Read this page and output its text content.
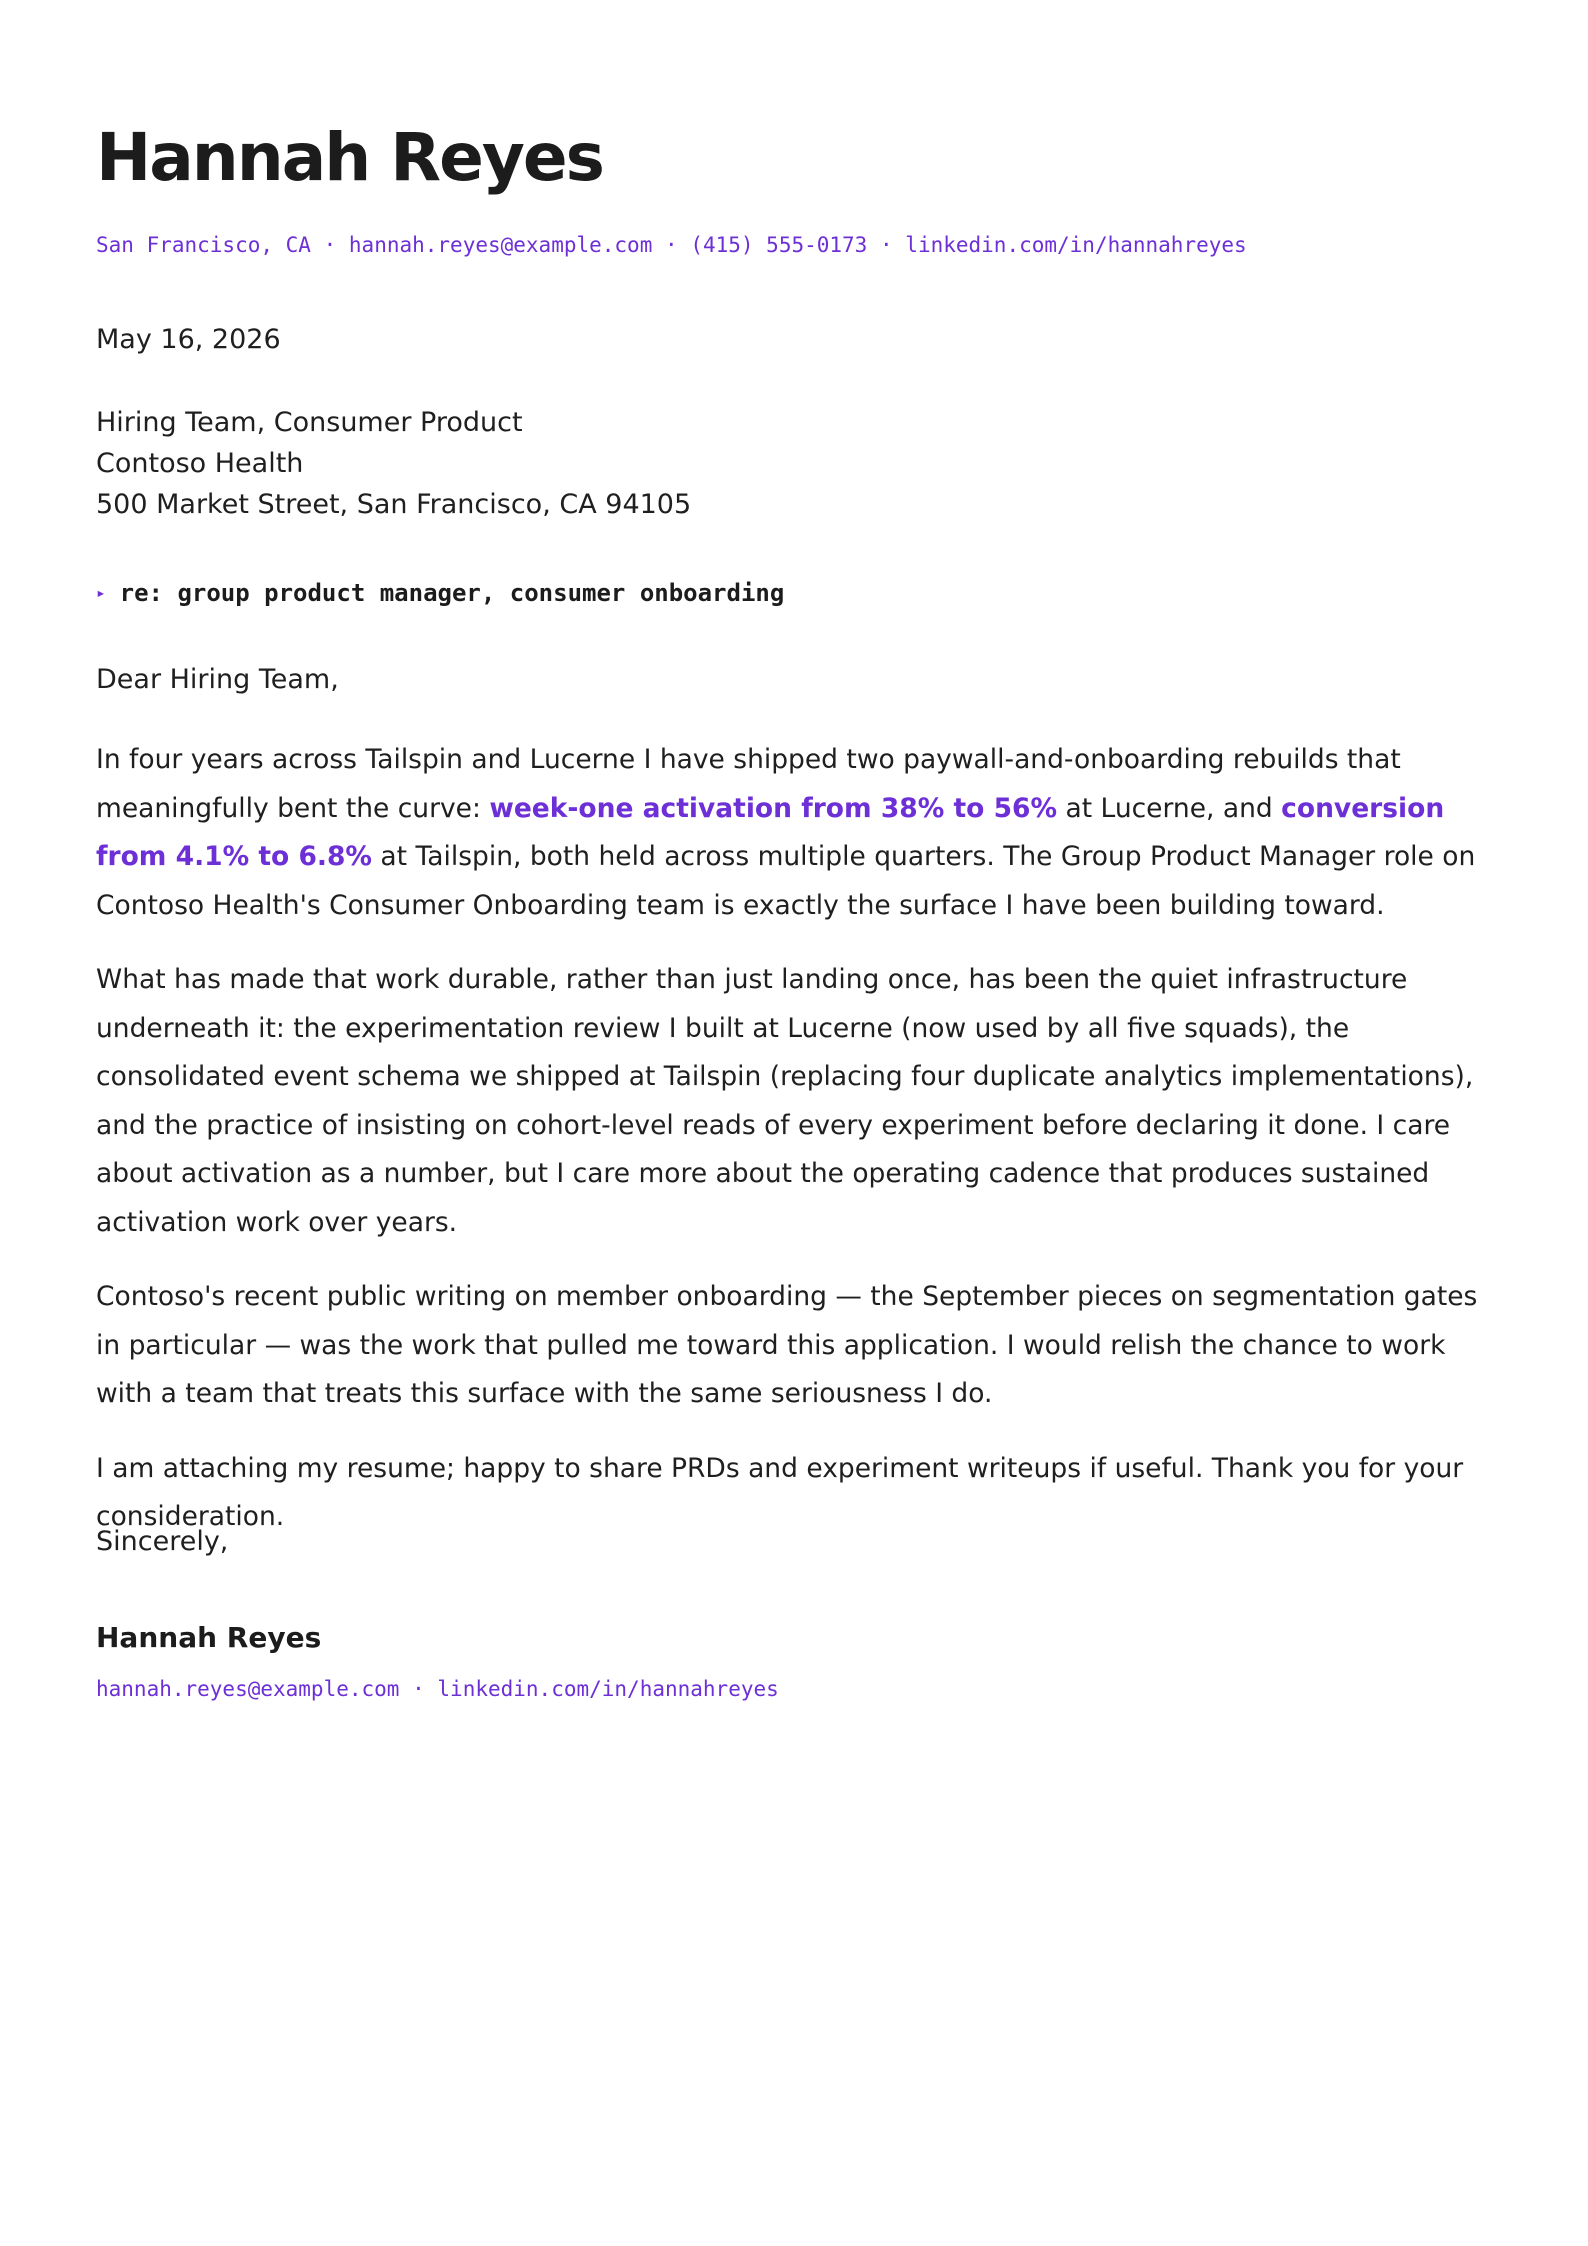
Hannah Reyes
San Francisco, CA · hannah.reyes@example.com · (415) 555-0173 · linkedin.com/in/hannahreyes
May 16, 2026
Hiring Team, Consumer Product
Contoso Health
500 Market Street, San Francisco, CA 94105
▸ re: group product manager, consumer onboarding
Dear Hiring Team,

In four years across Tailspin and Lucerne I have shipped two paywall-and-onboarding rebuilds that meaningfully bent the curve: week-one activation from 38% to 56% at Lucerne, and conversion from 4.1% to 6.8% at Tailspin, both held across multiple quarters. The Group Product Manager role on Contoso Health's Consumer Onboarding team is exactly the surface I have been building toward.

What has made that work durable, rather than just landing once, has been the quiet infrastructure underneath it: the experimentation review I built at Lucerne (now used by all five squads), the consolidated event schema we shipped at Tailspin (replacing four duplicate analytics implementations), and the practice of insisting on cohort-level reads of every experiment before declaring it done. I care about activation as a number, but I care more about the operating cadence that produces sustained activation work over years.

Contoso's recent public writing on member onboarding — the September pieces on segmentation gates in particular — was the work that pulled me toward this application. I would relish the chance to work with a team that treats this surface with the same seriousness I do.

I am attaching my resume; happy to share PRDs and experiment writeups if useful. Thank you for your consideration.

Sincerely,
Hannah Reyes
hannah.reyes@example.com · linkedin.com/in/hannahreyes
